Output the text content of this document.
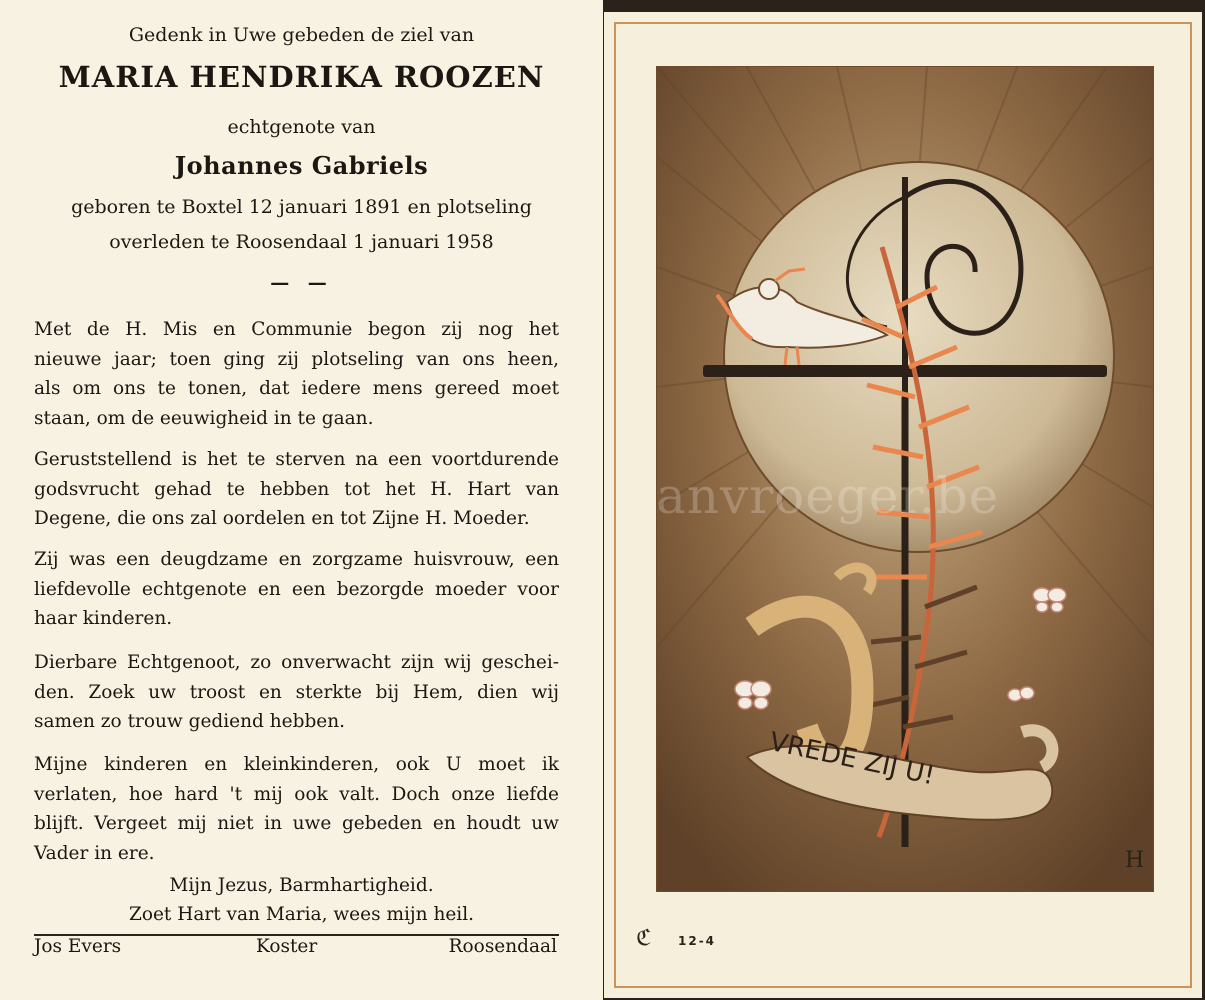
Gedenk in Uwe gebeden de ziel van
MARIA HENDRIKA ROOZEN
echtgenote van
Johannes Gabriels
geboren te Boxtel 12 januari 1891 en plotseling
overleden te Roosendaal 1 januari 1958
— —
Met de H. Mis en Communie begon zij nog het
nieuwe jaar; toen ging zij plotseling van ons heen,
als om ons te tonen, dat iedere mens gereed moet
staan, om de eeuwigheid in te gaan.
Geruststellend is het te sterven na een voortdurende
godsvrucht gehad te hebben tot het H. Hart van
Degene, die ons zal oordelen en tot Zijne H. Moeder.
Zij was een deugdzame en zorgzame huisvrouw, een
liefdevolle echtgenote en een bezorgde moeder voor
haar kinderen.
Dierbare Echtgenoot, zo onverwacht zijn wij geschei-
den. Zoek uw troost en sterkte bij Hem, dien wij
samen zo trouw gediend hebben.
Mijne kinderen en kleinkinderen, ook U moet ik
verlaten, hoe hard 't mij ook valt. Doch onze liefde
blijft. Vergeet mij niet in uwe gebeden en houdt uw
Vader in ere.
Mijn Jezus, Barmhartigheid.
Zoet Hart van Maria, wees mijn heil.
Jos Evers	Koster	Roosendaal
VREDE ZIJ U!
H
anvroeger.be
ℭ 12-4
